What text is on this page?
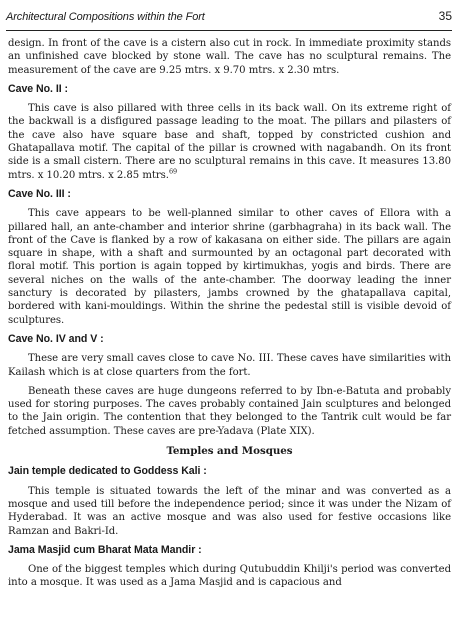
Architectural Compositions within the Fort	35

design. In front of the cave is a cistern also cut in rock. In immediate proximity stands an unfinished cave blocked by stone wall. The cave has no sculptural remains. The measurement of the cave are 9.25 mtrs. x 9.70 mtrs. x 2.30 mtrs.

Cave No. II :

This cave is also pillared with three cells in its back wall. On its extreme right of the backwall is a disfigured passage leading to the moat. The pillars and pilasters of the cave also have square base and shaft, topped by constricted cushion and Ghatapallava motif. The capital of the pillar is crowned with nagabandh. On its front side is a small cistern. There are no sculptural remains in this cave. It measures 13.80 mtrs. x 10.20 mtrs. x 2.85 mtrs.$^{69}$

Cave No. III :

This cave appears to be well-planned similar to other caves of Ellora with a pillared hall, an ante-chamber and interior shrine (garbhagraha) in its back wall. The front of the Cave is flanked by a row of kakasana on either side. The pillars are again square in shape, with a shaft and surmounted by an octagonal part decorated with floral motif. This portion is again topped by kirtimukhas, yogis and birds. There are several niches on the walls of the ante-chamber. The doorway leading the inner sanctury is decorated by pilasters, jambs crowned by the ghatapallava capital, bordered with kani-mouldings. Within the shrine the pedestal still is visible devoid of sculptures.

Cave No. IV and V :

These are very small caves close to cave No. III. These caves have similarities with Kailash which is at close quarters from the fort.

Beneath these caves are huge dungeons referred to by Ibn-e-Batuta and probably used for storing purposes. The caves probably contained Jain sculptures and belonged to the Jain origin. The contention that they belonged to the Tantrik cult would be far fetched assumption. These caves are pre-Yadava (Plate XIX).

Temples and Mosques

Jain temple dedicated to Goddess Kali :

This temple is situated towards the left of the minar and was converted as a mosque and used till before the independence period; since it was under the Nizam of Hyderabad. It was an active mosque and was also used for festive occasions like Ramzan and Bakri-Id.

Jama Masjid cum Bharat Mata Mandir :

One of the biggest temples which during Qutubuddin Khilji's period was converted into a mosque. It was used as a Jama Masjid and is capacious and
